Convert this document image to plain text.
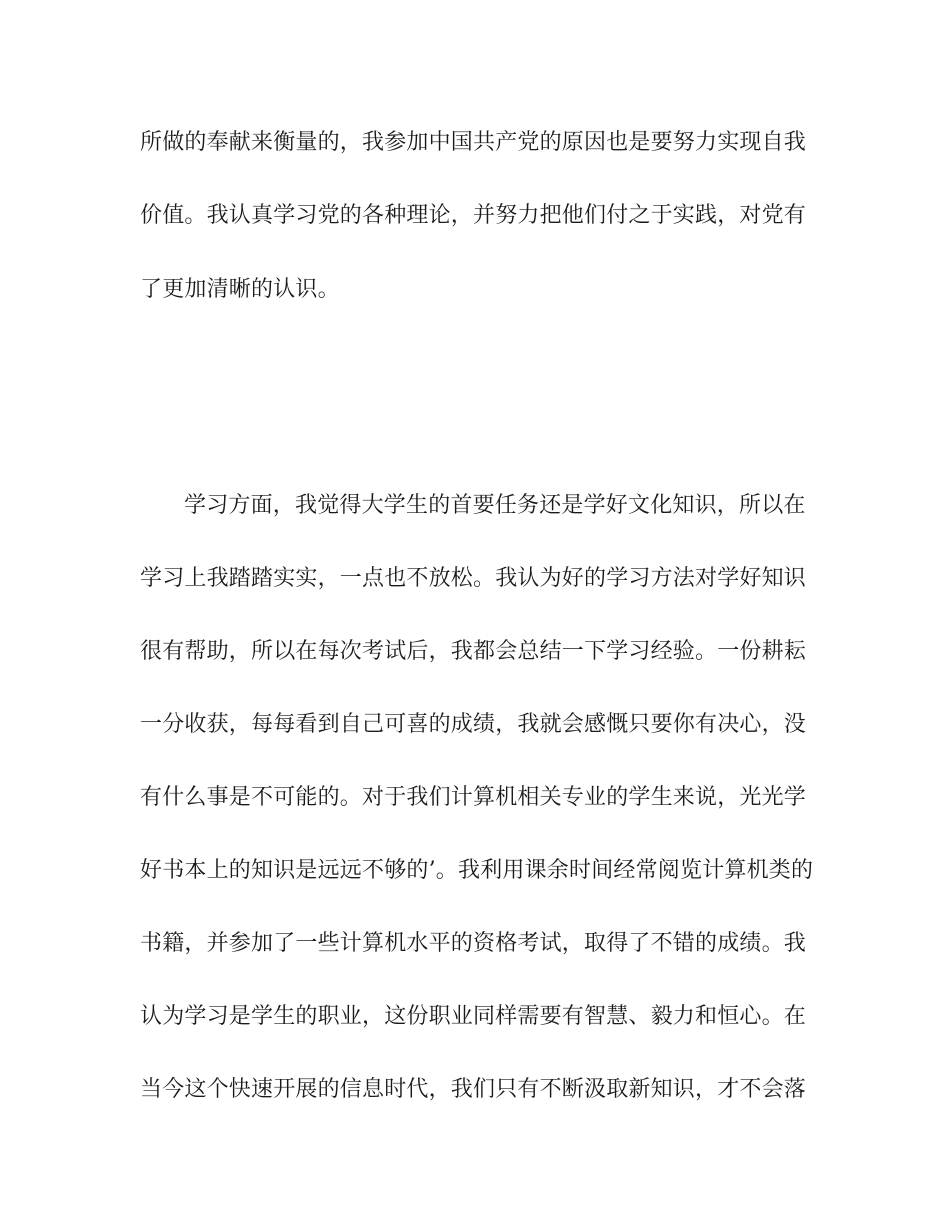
所做的奉献来衡量的，我参加中国共产党的原因也是要努力实现自我
价值。我认真学习党的各种理论，并努力把他们付之于实践，对党有
了更加清晰的认识。
学习方面，我觉得大学生的首要任务还是学好文化知识，所以在
学习上我踏踏实实，一点也不放松。我认为好的学习方法对学好知识
很有帮助，所以在每次考试后，我都会总结一下学习经验。一份耕耘
一分收获，每每看到自己可喜的成绩，我就会感慨只要你有决心，没
有什么事是不可能的。对于我们计算机相关专业的学生来说，光光学
好书本上的知识是远远不够的’。我利用课余时间经常阅览计算机类的
书籍，并参加了一些计算机水平的资格考试，取得了不错的成绩。我
认为学习是学生的职业，这份职业同样需要有智慧、毅力和恒心。在
当今这个快速开展的信息时代，我们只有不断汲取新知识，才不会落
